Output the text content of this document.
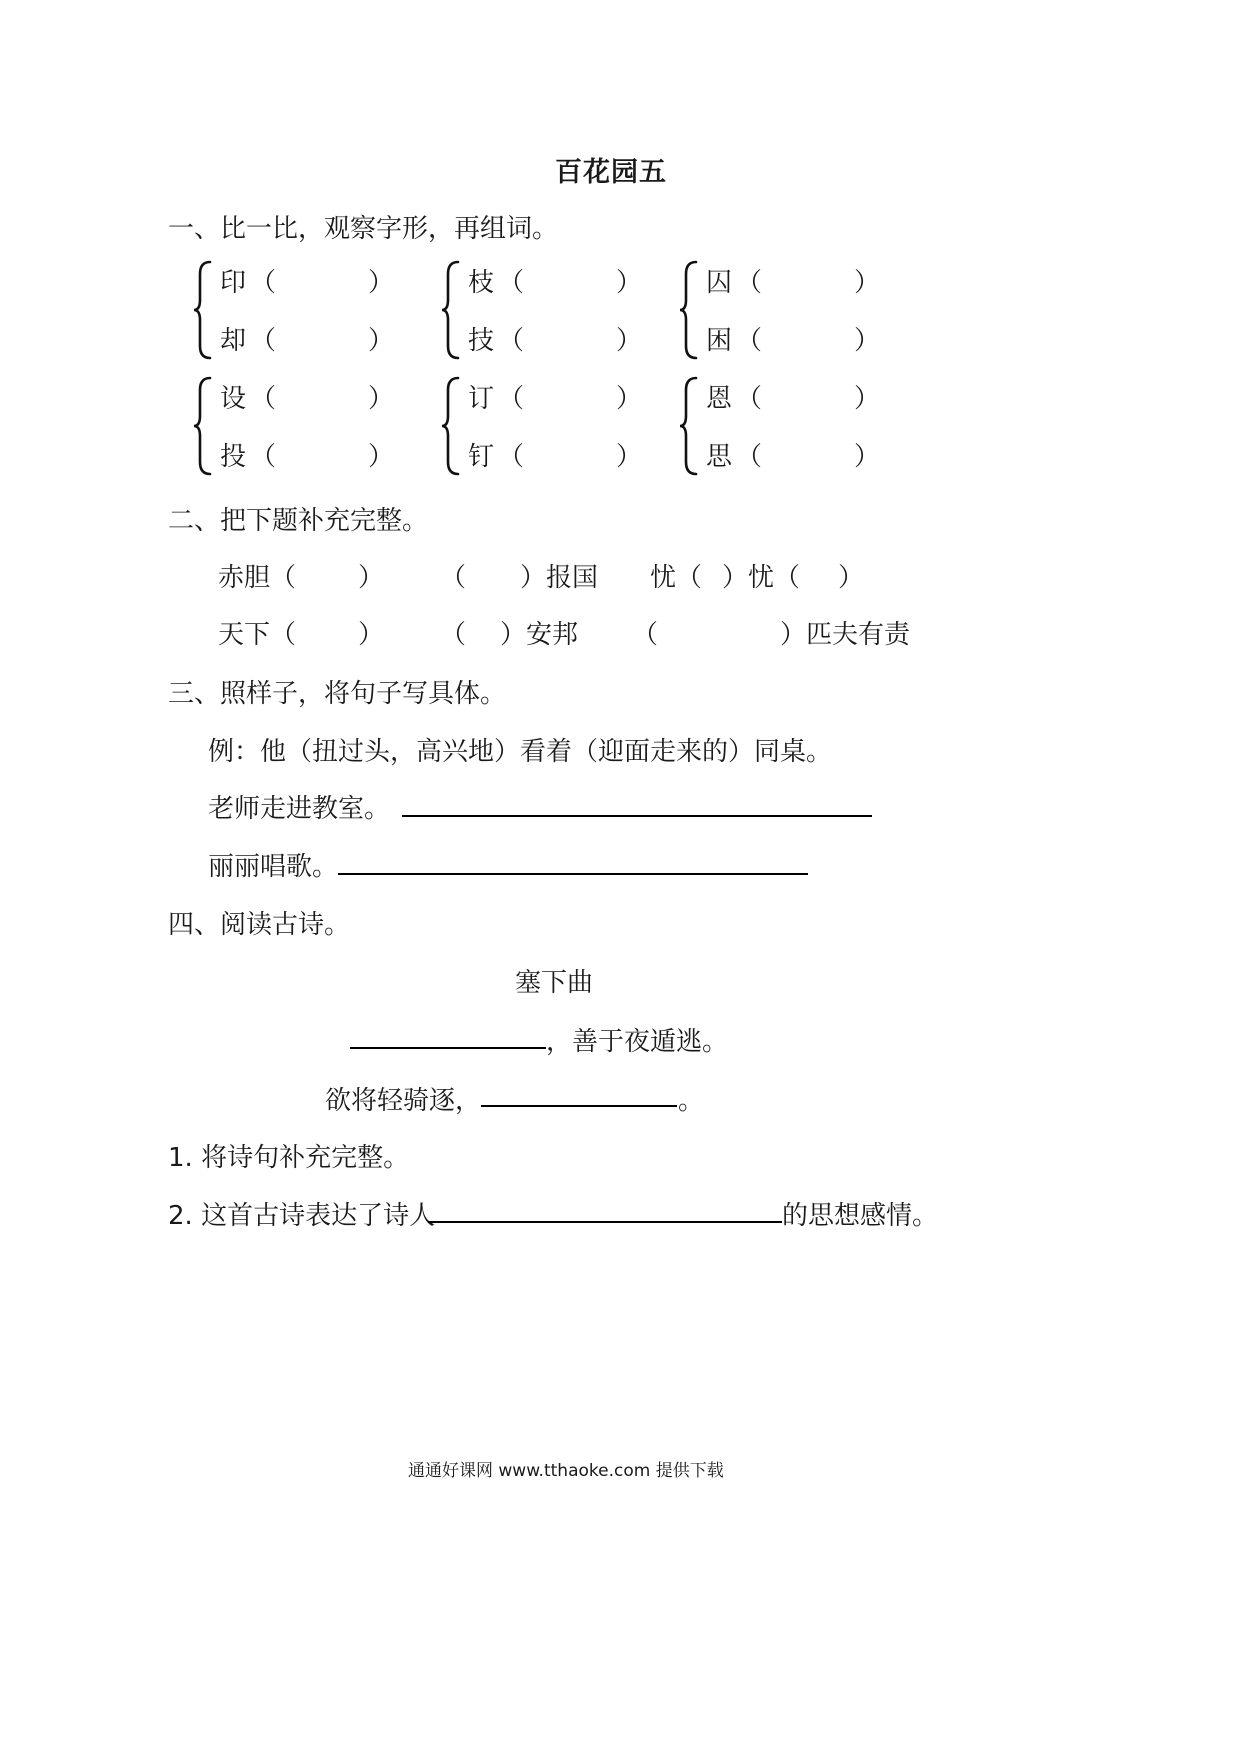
百花园五
一、比一比，观察字形，再组词。
印 （	）
却 （	）
枝 （	）
技 （	）
囚 （	）
困 （	）
设 （	）
投 （	）
订 （	）
钉 （	）
恩 （	）
思 （	）
二、把下题补充完整。
赤胆（ ） （ ）报国 忧（ ）忧（ ）
天下（ ） （ ）安邦 （	）匹夫有责
三、照样子，将句子写具体。
例：他（扭过头，高兴地）看着（迎面走来的）同桌。
老师走进教室。
丽丽唱歌。
四、阅读古诗。
塞下曲
，善于夜遁逃。
欲将轻骑逐，	。
1. 将诗句补充完整。
2. 这首古诗表达了诗人	的思想感情。
通通好课网 www.tthaoke.com 提供下载
